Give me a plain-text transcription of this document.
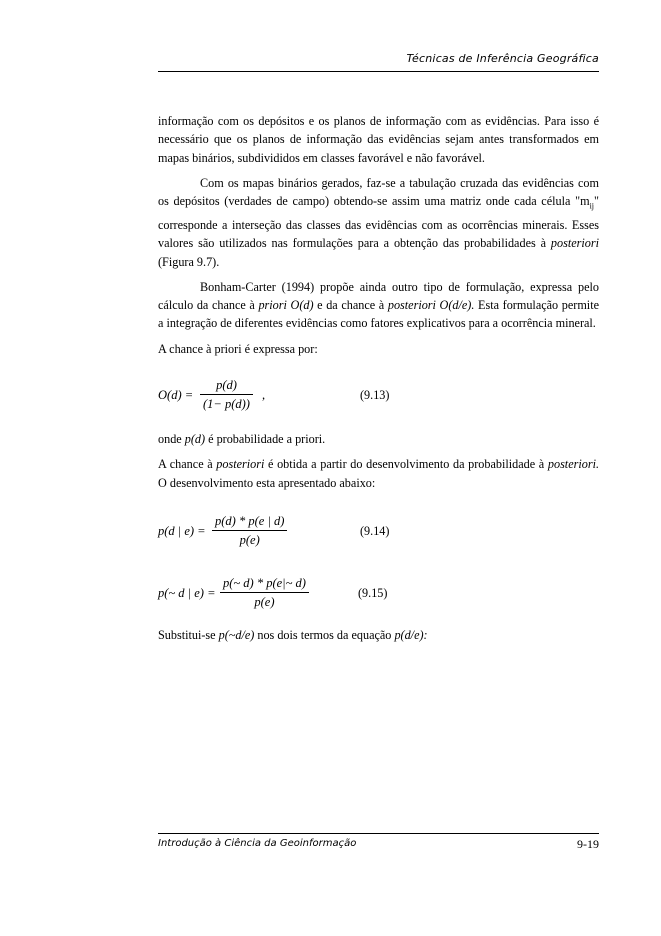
Técnicas de Inferência Geográfica

informação com os depósitos e os planos de informação com as evidências. Para isso é necessário que os planos de informação das evidências sejam antes transformados em mapas binários, subdivididos em classes favorável e não favorável.

Com os mapas binários gerados, faz-se a tabulação cruzada das evidências com os depósitos (verdades de campo) obtendo-se assim uma matriz onde cada célula "$m_{ij}$" corresponde a interseção das classes das evidências com as ocorrências minerais. Esses valores são utilizados nas formulações para a obtenção das probabilidades à posteriori (Figura 9.7).

Bonham-Carter (1994) propõe ainda outro tipo de formulação, expressa pelo cálculo da chance à priori O(d) e da chance à posteriori O(d/e). Esta formulação permite a integração de diferentes evidências como fatores explicativos para a ocorrência mineral.

A chance à priori é expressa por:

$O(d) = \frac{p(d)}{(1- p(d))}$ ,	(9.13)

onde p(d) é probabilidade a priori.

A chance à posteriori é obtida a partir do desenvolvimento da probabilidade à posteriori. O desenvolvimento esta apresentado abaixo:

p(d | $e) = \frac{p(d) * p(e | d)}{p(e)}$	(9.14)
p(~ d | $e) = \frac{p(\sim d) * p(e|\sim d)}{p(e)}$	(9.15)

Substitui-se p(~d/e) nos dois termos da equação p(d/e):

Introdução à Ciência da Geoinformação	9-19
